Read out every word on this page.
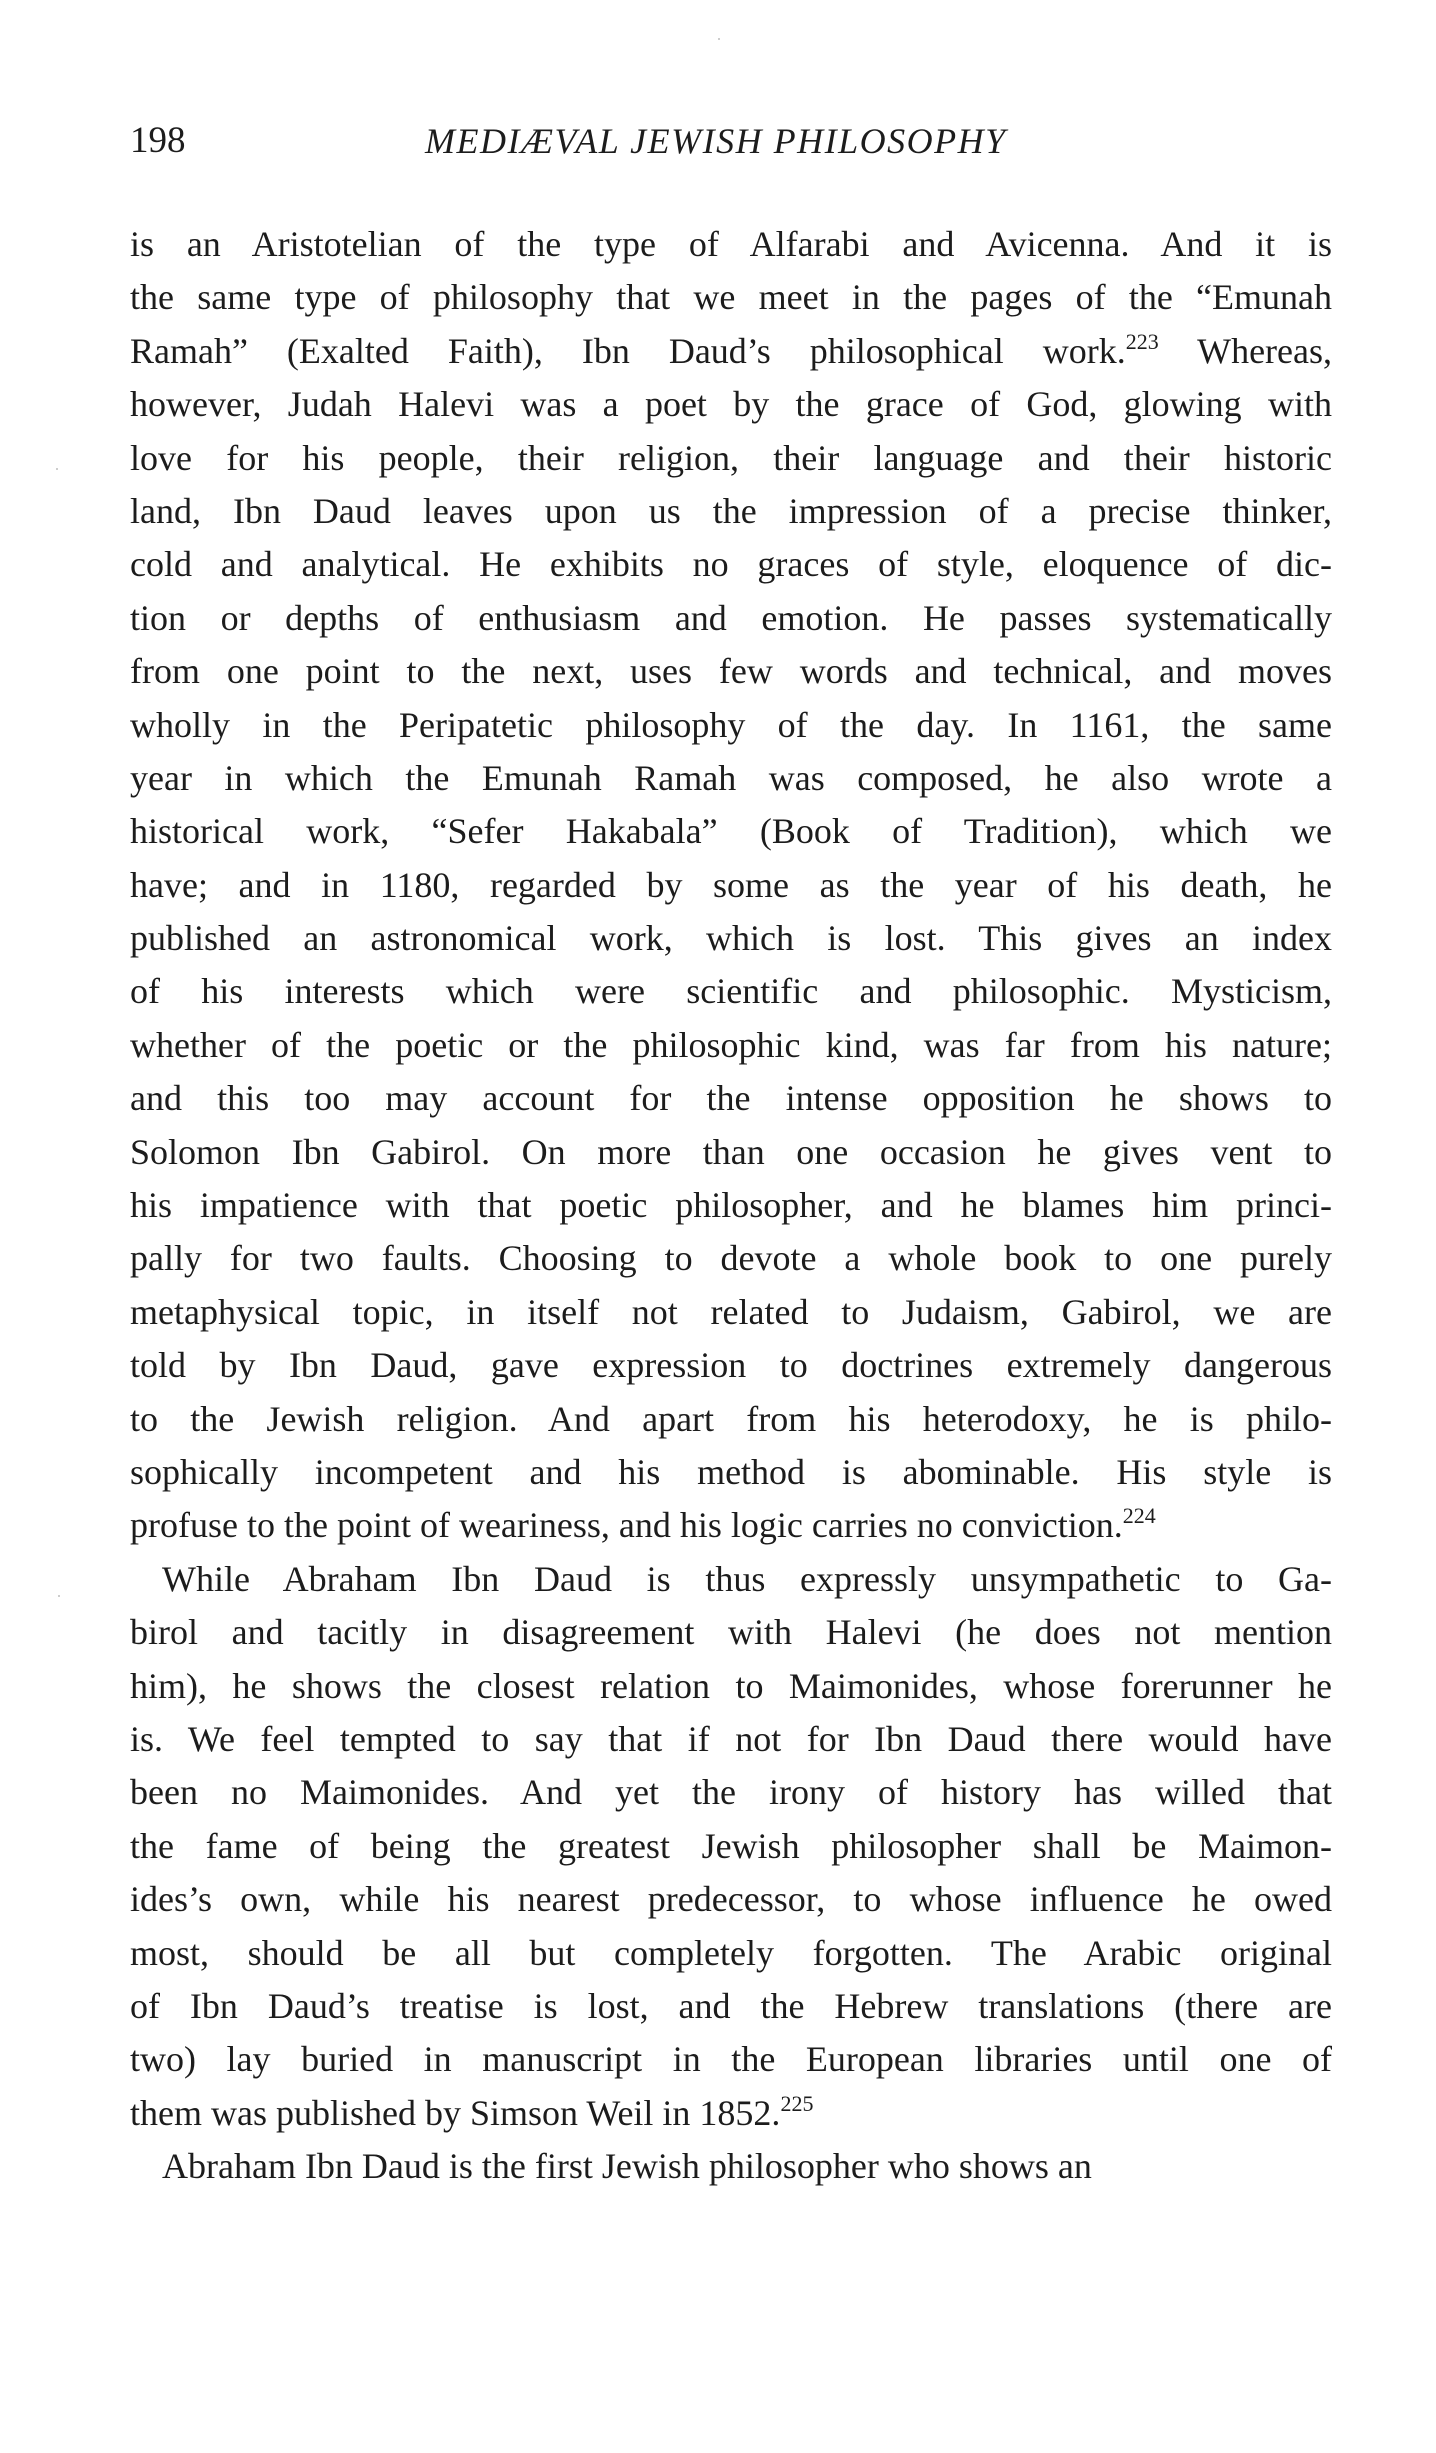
198	MEDIÆVAL JEWISH PHILOSOPHY
is an Aristotelian of the type of Alfarabi and Avicenna. And it is
the same type of philosophy that we meet in the pages of the “Emunah
Ramah” (Exalted Faith), Ibn Daud’s philosophical work.$^{223}$ Whereas,
however, Judah Halevi was a poet by the grace of God, glowing with
love for his people, their religion, their language and their historic
land, Ibn Daud leaves upon us the impression of a precise thinker,
cold and analytical. He exhibits no graces of style, eloquence of dic-
tion or depths of enthusiasm and emotion. He passes systematically
from one point to the next, uses few words and technical, and moves
wholly in the Peripatetic philosophy of the day. In 1161, the same
year in which the Emunah Ramah was composed, he also wrote a
historical work, “Sefer Hakabala” (Book of Tradition), which we
have; and in 1180, regarded by some as the year of his death, he
published an astronomical work, which is lost. This gives an index
of his interests which were scientific and philosophic. Mysticism,
whether of the poetic or the philosophic kind, was far from his nature;
and this too may account for the intense opposition he shows to
Solomon Ibn Gabirol. On more than one occasion he gives vent to
his impatience with that poetic philosopher, and he blames him princi-
pally for two faults. Choosing to devote a whole book to one purely
metaphysical topic, in itself not related to Judaism, Gabirol, we are
told by Ibn Daud, gave expression to doctrines extremely dangerous
to the Jewish religion. And apart from his heterodoxy, he is philo-
sophically incompetent and his method is abominable. His style is
profuse to the point of weariness, and his logic carries no conviction.$^{224}$
While Abraham Ibn Daud is thus expressly unsympathetic to Ga-
birol and tacitly in disagreement with Halevi (he does not mention
him), he shows the closest relation to Maimonides, whose forerunner he
is. We feel tempted to say that if not for Ibn Daud there would have
been no Maimonides. And yet the irony of history has willed that
the fame of being the greatest Jewish philosopher shall be Maimon-
ides’s own, while his nearest predecessor, to whose influence he owed
most, should be all but completely forgotten. The Arabic original
of Ibn Daud’s treatise is lost, and the Hebrew translations (there are
two) lay buried in manuscript in the European libraries until one of
them was published by Simson Weil in 1852.$^{225}$
Abraham Ibn Daud is the first Jewish philosopher who shows an
